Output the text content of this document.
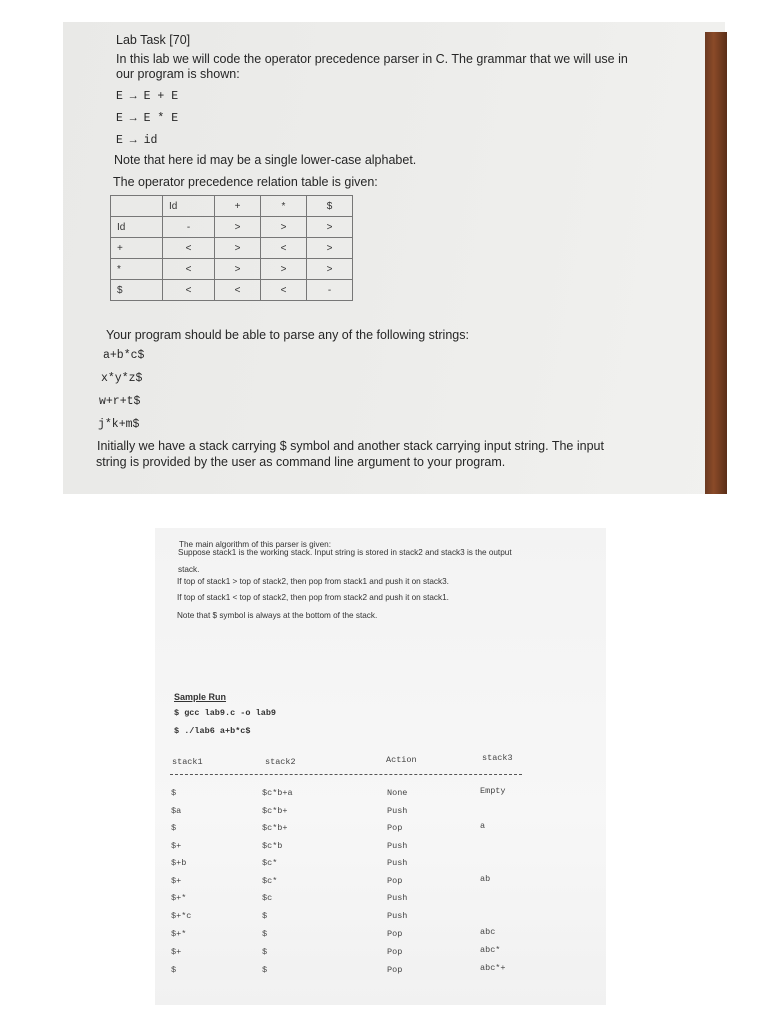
Lab Task [70]
In this lab we will code the operator precedence parser in C. The grammar that we will use in
our program is shown:
E → E + E
E → E * E
E → id
Note that here id may be a single lower-case alphabet.
The operator precedence relation table is given:
	Id	+	*	$
Id	-	>	>	>
+	<	>	<	>
*	<	>	>	>
$	<	<	<	-
Your program should be able to parse any of the following strings:
a+b*c$
x*y*z$
w+r+t$
j*k+m$
Initially we have a stack carrying $ symbol and another stack carrying input string. The input
string is provided by the user as command line argument to your program.
The main algorithm of this parser is given:
Suppose stack1 is the working stack. Input string is stored in stack2 and stack3 is the output
stack.
If top of stack1 > top of stack2, then pop from stack1 and push it on stack3.
If top of stack1 < top of stack2, then pop from stack2 and push it on stack1.
Note that $ symbol is always at the bottom of the stack.
Sample Run
$ gcc lab9.c -o lab9
$ ./lab6 a+b*c$
stack1	stack2	Action	stack3
$	$c*b+a	None	Empty
$a	$c*b+	Push
$	$c*b+	Pop	a
$+	$c*b	Push
$+b	$c*	Push
$+	$c*	Pop	ab
$+*	$c	Push
$+*c	$	Push
$+*	$	Pop	abc
$+	$	Pop	abc*
$	$	Pop	abc*+
